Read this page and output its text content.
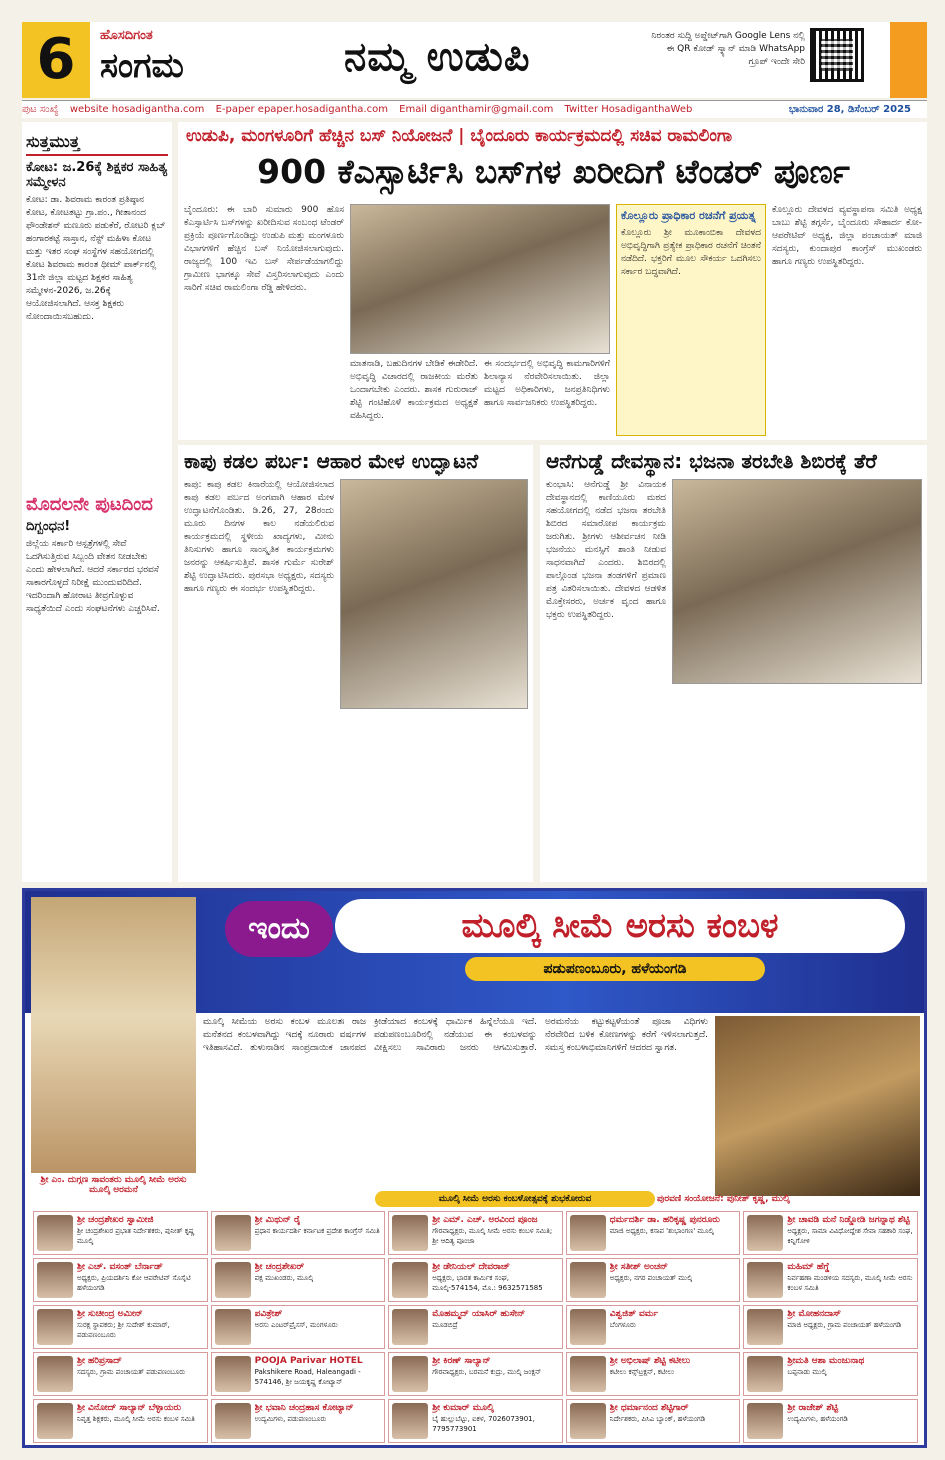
6	ಹೊಸದಿಗಂತ
ಸಂಗಮ	ನಮ್ಮ ಉಡುಪಿ	ನಿರಂತರ ಸುದ್ದಿ ಅಪ್ಡೇಟ್‌ಗಾಗಿ Google Lens ನಲ್ಲಿ ಈ QR ಕೋಡ್ ಸ್ಕ್ಯಾನ್ ಮಾಡಿ WhatsApp ಗ್ರೂಪ್ ಇಂದೇ ಸೇರಿ
ಪುಟ ಸಂಖ್ಯೆ website hosadigantha.com E-paper epaper.hosadigantha.com Email diganthamir@gmail.com Twitter HosadiganthaWeb	ಭಾನುವಾರ 28, ಡಿಸೆಂಬರ್ 2025
ಸುತ್ತಮುತ್ತ
ಕೋಟ: ಜ.26ಕ್ಕೆ ಶಿಕ್ಷಕರ ಸಾಹಿತ್ಯ ಸಮ್ಮೇಳನ

ಕೋಟ: ಡಾ. ಶಿವರಾಮ ಕಾರಂತ ಪ್ರತಿಷ್ಠಾನ ಕೋಟ, ಕೋಟತಟ್ಟು ಗ್ರಾ.ಪಂ., ಗೀತಾನಂದ ಫೌಂಡೇಶನ್ ಮಣೂರು ಪಡುಕೆರೆ, ರೋಟರಿ ಕ್ಲಬ್ ಹಂಗಾರಕಟ್ಟೆ ಸಾಸ್ತಾನ, ನೆಸ್ಟ್ ಮಹಿಳಾ ಕೋಟ ಮತ್ತು ಇತರ ಸಂಘ ಸಂಸ್ಥೆಗಳ ಸಹಯೋಗದಲ್ಲಿ ಕೋಟ ಶಿವರಾಮ ಕಾರಂತ ಥೀಮ್ ಪಾರ್ಕ್‌ನಲ್ಲಿ 31ನೇ ಜಿಲ್ಲಾ ಮಟ್ಟದ ಶಿಕ್ಷಕರ ಸಾಹಿತ್ಯ ಸಮ್ಮೇಳನ-2026, ಜ.26ಕ್ಕೆ ಆಯೋಜಿಸಲಾಗಿದೆ. ಆಸಕ್ತ ಶಿಕ್ಷಕರು ನೋಂದಾಯಿಸಬಹುದು.

ಮೊದಲನೇ ಪುಟದಿಂದ
ದಿಗ್ಬಂಧನ!

ಜಿಲ್ಲೆಯ ಸರ್ಕಾರಿ ಆಸ್ಪತ್ರೆಗಳಲ್ಲಿ ಸೇವೆ ಒದಗಿಸುತ್ತಿರುವ ಸಿಬ್ಬಂದಿ ವೇತನ ನೀಡಬೇಕು ಎಂದು ಹೇಳಲಾಗಿದೆ. ಆದರೆ ಸರ್ಕಾರದ ಭರವಸೆ ಸಾಕಾರಗೊಳ್ಳದೆ ನಿರೀಕ್ಷೆ ಮುಂದುವರಿದಿದೆ. ಇದರಿಂದಾಗಿ ಹೋರಾಟ ತೀವ್ರಗೊಳ್ಳುವ ಸಾಧ್ಯತೆಯಿದೆ ಎಂದು ಸಂಘಟನೆಗಳು ಎಚ್ಚರಿಸಿವೆ.

ಉಡುಪಿ, ಮಂಗಳೂರಿಗೆ ಹೆಚ್ಚಿನ ಬಸ್ ನಿಯೋಜನೆ | ಬೈಂದೂರು ಕಾರ್ಯಕ್ರಮದಲ್ಲಿ ಸಚಿವ ರಾಮಲಿಂಗಾ
900 ಕೆಎಸ್ಸಾರ್ಟಿಸಿ ಬಸ್‌ಗಳ ಖರೀದಿಗೆ ಟೆಂಡರ್ ಪೂರ್ಣ
ಬೈಂದೂರು: ಈ ಬಾರಿ ಸುಮಾರು 900 ಹೊಸ ಕೆಎಸ್ಸಾರ್ಟಿಸಿ ಬಸ್‌ಗಳನ್ನು ಖರೀದಿಸುವ ಸಂಬಂಧ ಟೆಂಡರ್ ಪ್ರಕ್ರಿಯೆ ಪೂರ್ಣಗೊಂಡಿದ್ದು ಉಡುಪಿ ಮತ್ತು ಮಂಗಳೂರು ವಿಭಾಗಗಳಿಗೆ ಹೆಚ್ಚಿನ ಬಸ್ ನಿಯೋಜಿಸಲಾಗುವುದು. ರಾಜ್ಯದಲ್ಲಿ 100 ಇವಿ ಬಸ್ ಸೇರ್ಪಡೆಯಾಗಲಿದ್ದು ಗ್ರಾಮೀಣ ಭಾಗಕ್ಕೂ ಸೇವೆ ವಿಸ್ತರಿಸಲಾಗುವುದು ಎಂದು ಸಾರಿಗೆ ಸಚಿವ ರಾಮಲಿಂಗಾ ರೆಡ್ಡಿ ಹೇಳಿದರು.
ಮಾತನಾಡಿ, ಬಹುದಿನಗಳ ಬೇಡಿಕೆ ಈಡೇರಿದೆ. ಅಭಿವೃದ್ಧಿ ವಿಚಾರದಲ್ಲಿ ರಾಜಕೀಯ ಮರೆತು ಒಂದಾಗಬೇಕು ಎಂದರು. ಶಾಸಕ ಗುರುರಾಜ್ ಶೆಟ್ಟಿ ಗಂಟಿಹೊಳೆ ಕಾರ್ಯಕ್ರಮದ ಅಧ್ಯಕ್ಷತೆ ವಹಿಸಿದ್ದರು.
ಈ ಸಂದರ್ಭದಲ್ಲಿ ಅಭಿವೃದ್ಧಿ ಕಾಮಗಾರಿಗಳಿಗೆ ಶಿಲಾನ್ಯಾಸ ನೆರವೇರಿಸಲಾಯಿತು. ಜಿಲ್ಲಾ ಮಟ್ಟದ ಅಧಿಕಾರಿಗಳು, ಜನಪ್ರತಿನಿಧಿಗಳು ಹಾಗೂ ಸಾರ್ವಜನಿಕರು ಉಪಸ್ಥಿತರಿದ್ದರು.
ಕೊಲ್ಲೂರು ಪ್ರಾಧಿಕಾರ ರಚನೆಗೆ ಪ್ರಯತ್ನ

ಕೊಲ್ಲೂರು ಶ್ರೀ ಮೂಕಾಂಬಿಕಾ ದೇವಳದ ಅಭಿವೃದ್ಧಿಗಾಗಿ ಪ್ರತ್ಯೇಕ ಪ್ರಾಧಿಕಾರ ರಚನೆಗೆ ಚಿಂತನೆ ನಡೆದಿದೆ. ಭಕ್ತರಿಗೆ ಮೂಲ ಸೌಕರ್ಯ ಒದಗಿಸಲು ಸರ್ಕಾರ ಬದ್ಧವಾಗಿದೆ.

ಕೊಲ್ಲೂರು ದೇವಳದ ವ್ಯವಸ್ಥಾಪನಾ ಸಮಿತಿ ಅಧ್ಯಕ್ಷ ಬಾಬು ಶೆಟ್ಟಿ ತಗ್ಗರ್ಸೆ, ಬೈಂದೂರು ಸೌಹಾರ್ದ ಕೋ-ಆಪರೇಟಿವ್ ಅಧ್ಯಕ್ಷ, ಜಿಲ್ಲಾ ಪಂಚಾಯತ್ ಮಾಜಿ ಸದಸ್ಯರು, ಕುಂದಾಪುರ ಕಾಂಗ್ರೆಸ್ ಮುಖಂಡರು ಹಾಗೂ ಗಣ್ಯರು ಉಪಸ್ಥಿತರಿದ್ದರು.
ಕಾಪು ಕಡಲ ಪರ್ಬ: ಆಹಾರ ಮೇಳ ಉದ್ಘಾಟನೆ
ಕಾಪು: ಕಾಪು ಕಡಲ ಕಿನಾರೆಯಲ್ಲಿ ಆಯೋಜಿಸಲಾದ ಕಾಪು ಕಡಲ ಪರ್ಬದ ಅಂಗವಾಗಿ ಆಹಾರ ಮೇಳ ಉದ್ಘಾಟನೆಗೊಂಡಿತು. ಡಿ.26, 27, 28ರಂದು ಮೂರು ದಿನಗಳ ಕಾಲ ನಡೆಯಲಿರುವ ಕಾರ್ಯಕ್ರಮದಲ್ಲಿ ಸ್ಥಳೀಯ ಖಾದ್ಯಗಳು, ಮೀನು ತಿನಿಸುಗಳು ಹಾಗೂ ಸಾಂಸ್ಕೃತಿಕ ಕಾರ್ಯಕ್ರಮಗಳು ಜನರನ್ನು ಆಕರ್ಷಿಸುತ್ತಿವೆ. ಶಾಸಕ ಗುರ್ಮೆ ಸುರೇಶ್ ಶೆಟ್ಟಿ ಉದ್ಘಾಟಿಸಿದರು. ಪುರಸಭಾ ಅಧ್ಯಕ್ಷರು, ಸದಸ್ಯರು ಹಾಗೂ ಗಣ್ಯರು ಈ ಸಂದರ್ಭ ಉಪಸ್ಥಿತರಿದ್ದರು.
ಆನೆಗುಡ್ಡೆ ದೇವಸ್ಥಾನ: ಭಜನಾ ತರಬೇತಿ ಶಿಬಿರಕ್ಕೆ ತೆರೆ
ಕುಂಭಾಸಿ: ಆನೆಗುಡ್ಡೆ ಶ್ರೀ ವಿನಾಯಕ ದೇವಸ್ಥಾನದಲ್ಲಿ ಕಾಣಿಯೂರು ಮಠದ ಸಹಯೋಗದಲ್ಲಿ ನಡೆದ ಭಜನಾ ತರಬೇತಿ ಶಿಬಿರದ ಸಮಾರೋಪ ಕಾರ್ಯಕ್ರಮ ಜರುಗಿತು. ಶ್ರೀಗಳು ಆಶೀರ್ವಚನ ನೀಡಿ ಭಜನೆಯು ಮನಸ್ಸಿಗೆ ಶಾಂತಿ ನೀಡುವ ಸಾಧನವಾಗಿದೆ ಎಂದರು. ಶಿಬಿರದಲ್ಲಿ ಪಾಲ್ಗೊಂಡ ಭಜನಾ ತಂಡಗಳಿಗೆ ಪ್ರಮಾಣ ಪತ್ರ ವಿತರಿಸಲಾಯಿತು. ದೇವಳದ ಆಡಳಿತ ಮೊಕ್ತೇಸರರು, ಅರ್ಚಕ ವೃಂದ ಹಾಗೂ ಭಕ್ತರು ಉಪಸ್ಥಿತರಿದ್ದರು.
ಇಂದು	ಮೂಲ್ಕಿ ಸೀಮೆ ಅರಸು ಕಂಬಳ
ಪಡುಪಣಂಬೂರು, ಹಳೆಯಂಗಡಿ
ಶ್ರೀ ಎಂ. ದುಗ್ಗಣ ಸಾವಂತರು ಮೂಲ್ಕಿ ಸೀಮೆ ಅರಸು ಮೂಲ್ಕಿ ಅರಮನೆ
ಮೂಲ್ಕಿ ಸೀಮೆಯ ಅರಸು ಕಂಬಳ ಮೂಲತಃ ರಾಜ ಮನೆತನದ ಕಂಬಳವಾಗಿದ್ದು ಇದಕ್ಕೆ ನೂರಾರು ವರ್ಷಗಳ ಇತಿಹಾಸವಿದೆ. ತುಳುನಾಡಿನ ಸಾಂಪ್ರದಾಯಿಕ ಜಾನಪದ ಕ್ರೀಡೆಯಾದ ಕಂಬಳಕ್ಕೆ ಧಾರ್ಮಿಕ ಹಿನ್ನೆಲೆಯೂ ಇದೆ. ಪಡುಪಣಂಬೂರಿನಲ್ಲಿ ನಡೆಯುವ ಈ ಕಂಬಳವನ್ನು ವೀಕ್ಷಿಸಲು ಸಾವಿರಾರು ಜನರು ಆಗಮಿಸುತ್ತಾರೆ. ಅರಮನೆಯ ಕಟ್ಟುಕಟ್ಟಳೆಯಂತೆ ಪೂಜಾ ವಿಧಿಗಳು ನೆರವೇರಿದ ಬಳಿಕ ಕೋಣಗಳನ್ನು ಕರೆಗೆ ಇಳಿಸಲಾಗುತ್ತದೆ. ಸಮಸ್ತ ಕಂಬಳಾಭಿಮಾನಿಗಳಿಗೆ ಆದರದ ಸ್ವಾಗತ.
ಮೂಲ್ಕಿ ಸೀಮೆ ಅರಸು ಕಂಬಳೋತ್ಸವಕ್ಕೆ ಶುಭಕೋರುವ	ಪುರವಣಿ ಸಂಯೋಜನೆ: ಪುನೀತ್ ಕೃಷ್ಣ, ಮುಲ್ಕಿ
ಶ್ರೀ ಚಂದ್ರಶೇಖರ ಸ್ವಾಮೀಜಿ
ಶ್ರೀ ಚಂದ್ರಶೇಖರ ಪ್ರಭಾತ ನಿರ್ದೇಶಕರು, ಪುನೀತ್ ಕೃಷ್ಣ ಮೂಲ್ಕಿ
ಶ್ರೀ ಮಿಥುನ್ ರೈ
ಪ್ರಧಾನ ಕಾರ್ಯದರ್ಶಿ ಕರ್ನಾಟಕ ಪ್ರದೇಶ ಕಾಂಗ್ರೆಸ್ ಸಮಿತಿ
ಶ್ರೀ ಎಮ್. ಎಚ್. ಅರವಿಂದ ಪೂಂಜ
ಗೌರವಾಧ್ಯಕ್ಷರು, ಮೂಲ್ಕಿ ಸೀಮೆ ಅರಸು ಕಂಬಳ ಸಮಿತಿ; ಶ್ರೀ ಆದಿತ್ಯ ಪೂಂಜಾ
ಧರ್ಮದರ್ಶಿ ಡಾ. ಹರಿಕೃಷ್ಣ ಪುನರೂರು
ಮಾಜಿ ಅಧ್ಯಕ್ಷರು, ಕಸಾಪ 'ಶುಭಾಂಗಣ' ಮೂಲ್ಕಿ
ಶ್ರೀ ಚಾವಡಿ ಮನೆ ನಿಡ್ಡೋಡಿ ಜಗನ್ನಾಥ ಶೆಟ್ಟಿ
ಅಧ್ಯಕ್ಷರು, ಸಾಮಾ ವಿವಿಧೋದ್ದೇಶ ಸೇವಾ ಸಹಕಾರಿ ಸಂಘ, ಕಿನ್ನಿಗೋಳಿ
ಶ್ರೀ ಎಚ್. ವಸಂತ್ ಬೆರ್ನಾಡ್
ಅಧ್ಯಕ್ಷರು, ಪ್ರಿಯದರ್ಶಿನಿ ಕೋ ಆಪರೇಟಿವ್ ಸೊಸೈಟಿ ಹಳೆಯಂಗಡಿ
ಶ್ರೀ ಚಂದ್ರಶೇಖರ್
ಪಕ್ಷ ಮುಖಂಡರು, ಮೂಲ್ಕಿ
ಶ್ರೀ ಡೇನಿಯಲ್ ದೇವರಾಜ್
ಅಧ್ಯಕ್ಷರು, ಭಾರತ ಕಾರ್ಮಿಕ ಸಂಘ, ಮೂಲ್ಕಿ-574154, ಮೊ.: 9632571585
ಶ್ರೀ ಸತೀಶ್ ಅಂಚನ್
ಅಧ್ಯಕ್ಷರು, ನಗರ ಪಂಚಾಯತ್ ಮುಲ್ಕಿ
ಮಹಿಮ್ ಹೆಗ್ಡೆ
ನಿರ್ವಹಣಾ ಮಂಡಳಿಯ ಸದಸ್ಯರು, ಮೂಲ್ಕಿ ಸೀಮೆ ಅರಸು ಕಂಬಳ ಸಮಿತಿ
ಶ್ರೀ ಸುಚೀಂದ್ರ ಅಮೀನ್
ಸುರಕ್ಷ ಸ್ಥಾಪಕರು; ಶ್ರೀ ಸುದೇಶ್ ಕುಮಾರ್, ಪಡುಪಣಂಬೂರು
ಪವಿತ್ರೇಶ್
ಅರಸು ಎಂಟರ್‌ಪ್ರೈಸಸ್, ಮಂಗಳೂರು
ಮೊಹಮ್ಮದ್ ಯಾಸಿರ್ ಹುಸೇನ್
ಮೂಡಬಿದ್ರೆ
ವಿಶ್ವಜಿತ್ ವರ್ಮ
ಬೆಂಗಳೂರು
ಶ್ರೀ ಮೋಹನದಾಸ್
ಮಾಜಿ ಅಧ್ಯಕ್ಷರು, ಗ್ರಾಮ ಪಂಚಾಯತ್ ಹಳೆಯಂಗಡಿ
ಶ್ರೀ ಹರಿಪ್ರಸಾದ್
ಸದಸ್ಯರು, ಗ್ರಾಮ ಪಂಚಾಯತ್ ಪಡುಪಣಂಬೂರು
POOJA Parivar HOTEL
Pakshikere Road, Haleangadi - 574146, ಶ್ರೀ ಜಯಕೃಷ್ಣ ಕೋಟ್ಯಾನ್
ಶ್ರೀ ಕಿರಣ್ ಸಾಲ್ಯಾನ್
ಗೌರವಾಧ್ಯಕ್ಷರು, ಬರಮನೆ ಕುದ್ರು, ಮುಲ್ಕಿ ಜಂಕ್ಷನ್
ಶ್ರೀ ಅಭಿಲಾಷ್ ಶೆಟ್ಟಿ ಕಟೀಲು
ಕಟೀಲು ಕನ್ಸ್‌ಟ್ರಕ್ಷನ್, ಕಟೀಲು
ಶ್ರೀಮತಿ ಆಶಾ ಮಂಜುನಾಥ
ಬಪ್ಪನಾಡು ಮುಲ್ಕಿ
ಶ್ರೀ ವಿನೋದ್ ಸಾಲ್ಯಾನ್ ಬೆಳ್ಳಾಯರು
ನಿವೃತ್ತ ಶಿಕ್ಷಕರು, ಮೂಲ್ಕಿ ಸೀಮೆ ಅರಸು ಕಂಬಳ ಸಮಿತಿ
ಶ್ರೀ ಭವಾನಿ ಚಂದ್ರಹಾಸ ಕೋಟ್ಯಾನ್
ಉದ್ಯಮಿಗಳು, ಪಡುಪಣಂಬೂರು
ಶ್ರೀ ಕುಮಾರ್ ಮೂಲ್ಕಿ
ಬೈ ಹುಲ್ಲುಬೆಟ್ಟು, ಐಕಳ, 7026073901, 7795773901
ಶ್ರೀ ಧರ್ಮಾನಂದ ಶೆಟ್ಟಿಗಾರ್
ನಿರ್ದೇಶಕರು, ಪಿಸಿಎ ಬ್ಯಾಂಕ್, ಹಳೆಯಂಗಡಿ
ಶ್ರೀ ರಾಜೇಶ್ ಶೆಟ್ಟಿ
ಉದ್ಯಮಿಗಳು, ಹಳೆಯಂಗಡಿ
